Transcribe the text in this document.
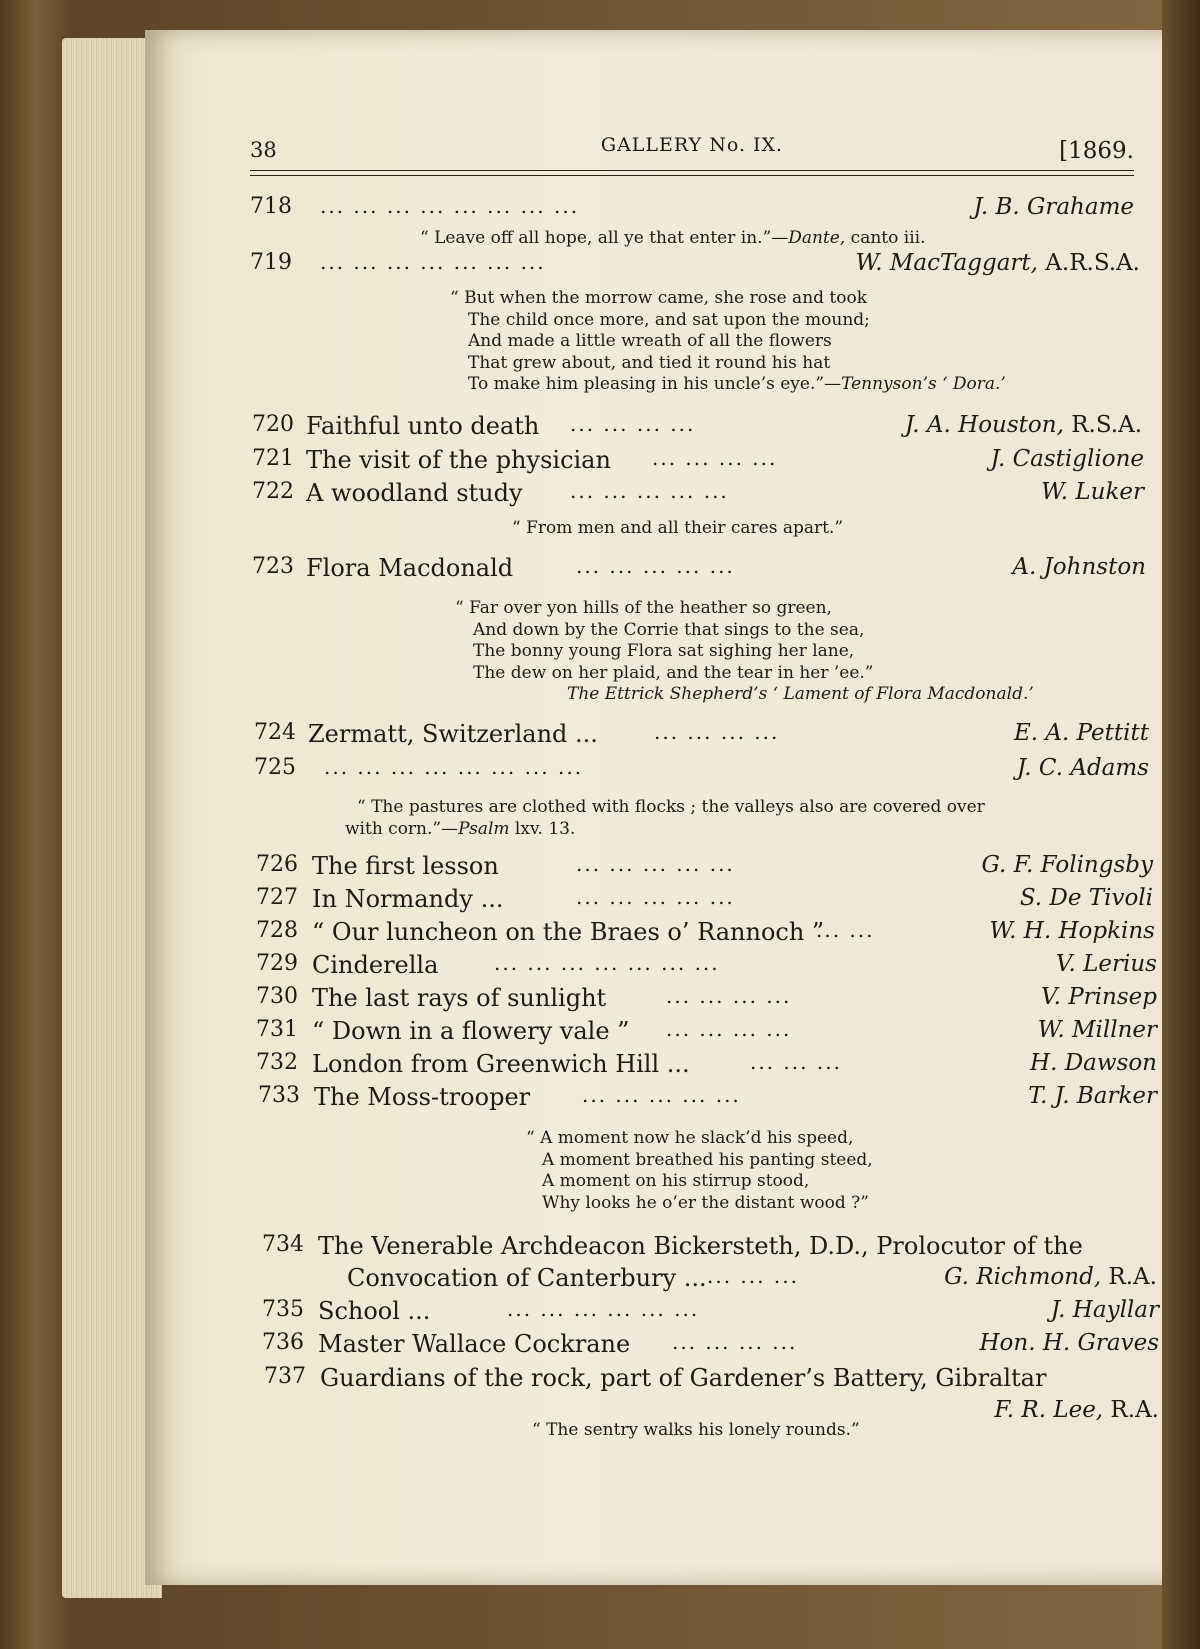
38	GALLERY No. IX.	[1869.
718 ... ... ... ... ... ... ... ...	J. B. Grahame
“ Leave off all hope, all ye that enter in.”—Dante, canto iii.
719 ... ... ... ... ... ... ...	W. MacTaggart, A.R.S.A.
“ But when the morrow came, she rose and took
The child once more, and sat upon the mound;
And made a little wreath of all the flowers
That grew about, and tied it round his hat
To make him pleasing in his uncle’s eye.”—Tennyson’s ‘ Dora.’
720 Faithful unto death ... ... ... ...	J. A. Houston, R.S.A.
721 The visit of the physician ... ... ... ...	J. Castiglione
722 A woodland study ... ... ... ... ...	W. Luker
“ From men and all their cares apart.”
723 Flora Macdonald	... ... ... ... ...	A. Johnston
“ Far over yon hills of the heather so green,
And down by the Corrie that sings to the sea,
The bonny young Flora sat sighing her lane,
The dew on her plaid, and the tear in her ’ee.”
The Ettrick Shepherd’s ‘ Lament of Flora Macdonald.’
724 Zermatt, Switzerland ...	... ... ... ...	E. A. Pettitt
725 ... ... ... ... ... ... ... ...	J. C. Adams
“ The pastures are clothed with flocks ; the valleys also are covered over
with corn.”—Psalm lxv. 13.
726 The first lesson	... ... ... ... ...	G. F. Folingsby
727 In Normandy ...	... ... ... ... ...	S. De Tivoli
728 “ Our luncheon on the Braes o’ Rannoch ”
... ...	W. H. Hopkins
729 Cinderella	... ... ... ... ... ... ...	V. Lerius
730 The last rays of sunlight	... ... ... ...	V. Prinsep
731 “ Down in a flowery vale ” ... ... ... ...	W. Millner
732 London from Greenwich Hill ...	... ... ...	H. Dawson
733 The Moss-trooper	... ... ... ... ...	T. J. Barker
“ A moment now he slack’d his speed,
A moment breathed his panting steed,
A moment on his stirrup stood,
Why looks he o’er the distant wood ?”
734 The Venerable Archdeacon Bickersteth, D.D., Prolocutor of the
Convocation of Canterbury ... ... ... ...	G. Richmond, R.A.
735 School ...	... ... ... ... ... ...	J. Hayllar
736 Master Wallace Cockrane ... ... ... ...	Hon. H. Graves
737 Guardians of the rock, part of Gardener’s Battery, Gibraltar
F. R. Lee, R.A.
“ The sentry walks his lonely rounds.”
